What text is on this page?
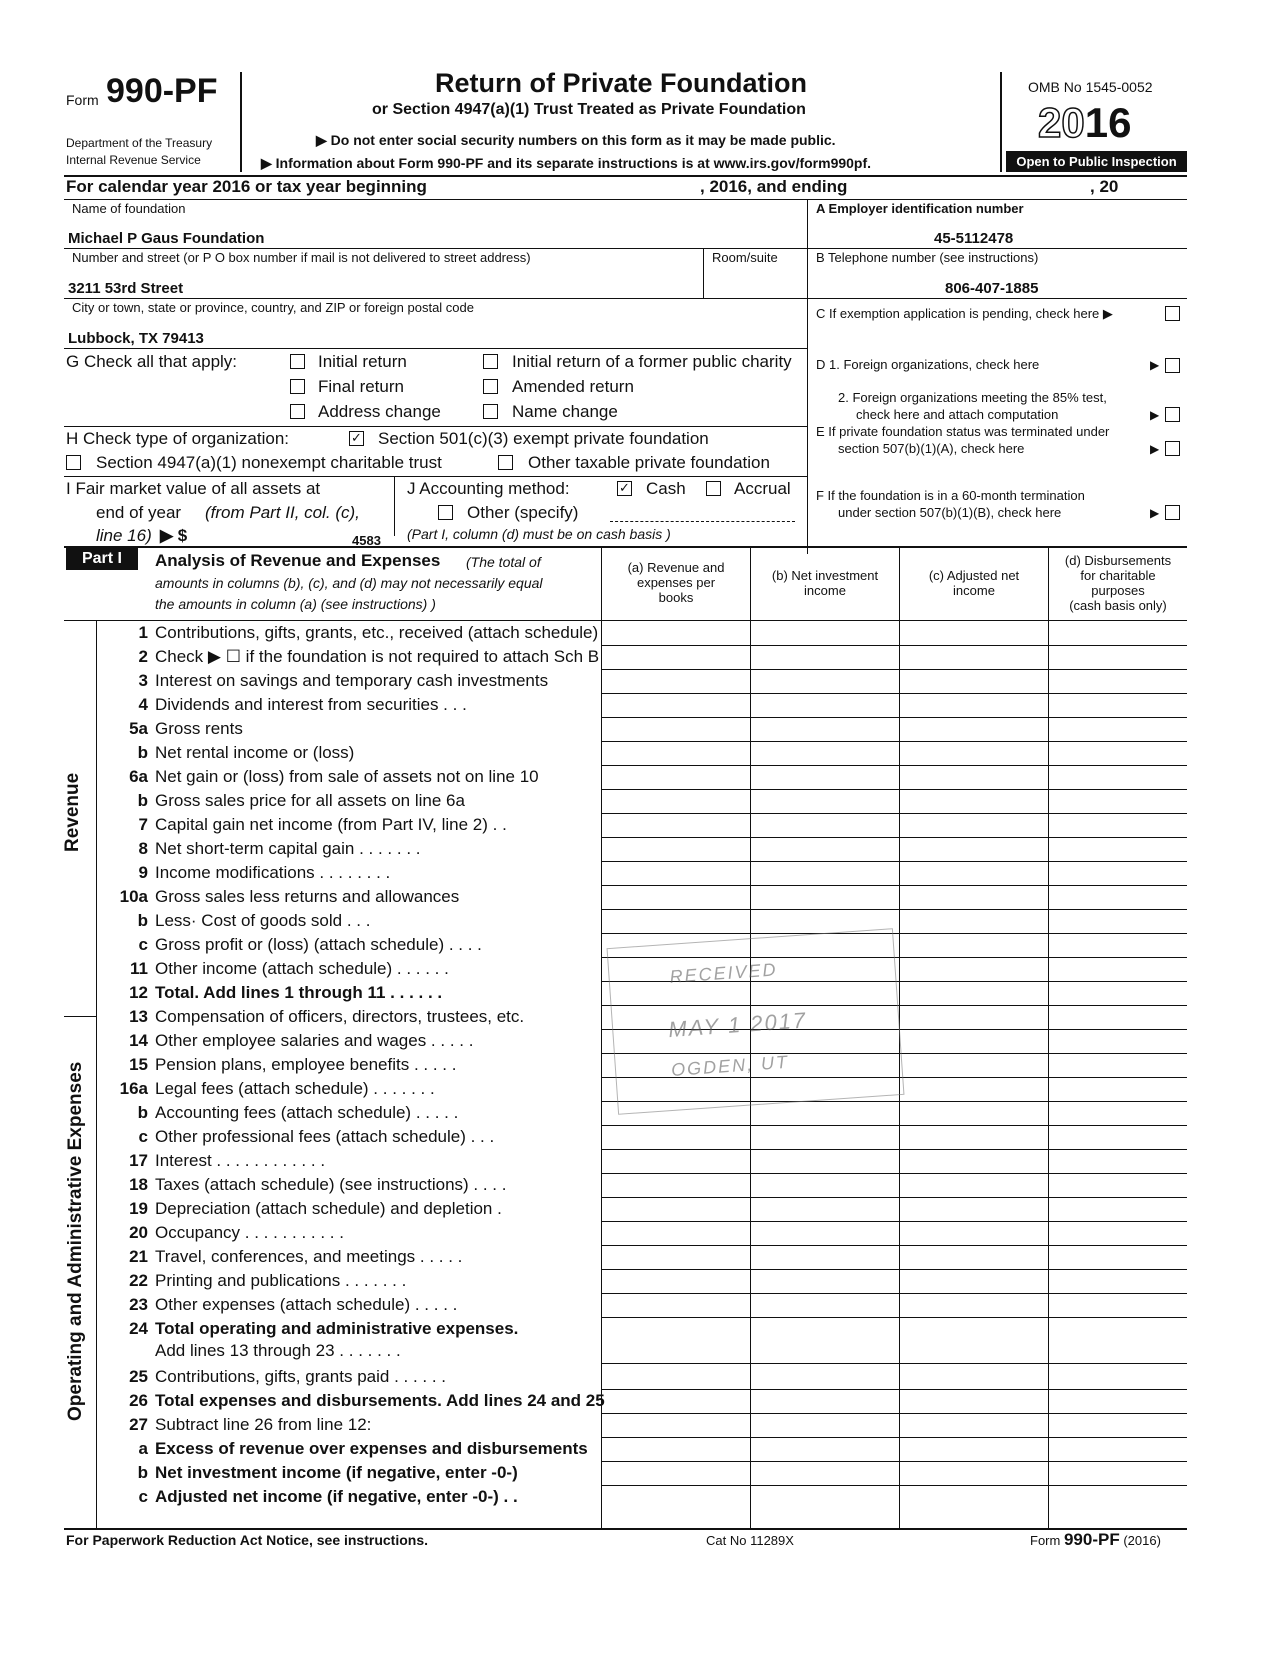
Form 990-PF
Department of the Treasury
Internal Revenue Service
Return of Private Foundation
or Section 4947(a)(1) Trust Treated as Private Foundation
▶ Do not enter social security numbers on this form as it may be made public.
▶ Information about Form 990-PF and its separate instructions is at www.irs.gov/form990pf.
OMB No 1545-0052
2016
Open to Public Inspection
For calendar year 2016 or tax year beginning	, 2016, and ending	, 20
Name of foundation
Michael P Gaus Foundation
A Employer identification number
45-5112478
Number and street (or P O box number if mail is not delivered to street address)	Room/suite	B Telephone number (see instructions)
3211 53rd Street	806-407-1885
City or town, state or province, country, and ZIP or foreign postal code	C If exemption application is pending, check here ▶
Lubbock, TX 79413
G Check all that apply:	Initial return	Initial return of a former public charity
Final return	Amended return
Address change	Name change
D 1. Foreign organizations, check here	▶
2. Foreign organizations meeting the 85% test,
check here and attach computation	▶
E If private foundation status was terminated under
section 507(b)(1)(A), check here	▶
F If the foundation is in a 60-month termination
under section 507(b)(1)(B), check here	▶
H Check type of organization:	✓ Section 501(c)(3) exempt private foundation
Section 4947(a)(1) nonexempt charitable trust	Other taxable private foundation
I Fair market value of all assets at
end of year (from Part II, col. (c),
line 16) ▶ $	4583
J Accounting method:	✓ Cash	Accrual
Other (specify)
(Part I, column (d) must be on cash basis )
Part I	Analysis of Revenue and Expenses (The total of
amounts in columns (b), (c), and (d) may not necessarily equal
the amounts in column (a) (see instructions) )
(a) Revenue and
expenses per
books
(b) Net investment
income
(c) Adjusted net
income
(d) Disbursements
for charitable
purposes
(cash basis only)
Revenue
Operating and Administrative Expenses
1 Contributions, gifts, grants, etc., received (attach schedule)
2 Check ▶ ☐ if the foundation is not required to attach Sch B
3 Interest on savings and temporary cash investments
4 Dividends and interest from securities . . .
5a Gross rents
b Net rental income or (loss)
6a Net gain or (loss) from sale of assets not on line 10
b Gross sales price for all assets on line 6a
7 Capital gain net income (from Part IV, line 2) . .
8 Net short-term capital gain . . . . . . .
9 Income modifications . . . . . . . .
10a Gross sales less returns and allowances
b Less· Cost of goods sold . . .
c Gross profit or (loss) (attach schedule) . . . .
11 Other income (attach schedule) . . . . . .
12 Total. Add lines 1 through 11 . . . . . .
13 Compensation of officers, directors, trustees, etc.
14 Other employee salaries and wages . . . . .
15 Pension plans, employee benefits . . . . .
16a Legal fees (attach schedule) . . . . . . .
b Accounting fees (attach schedule) . . . . .
c Other professional fees (attach schedule) . . .
17 Interest . . . . . . . . . . . .
18 Taxes (attach schedule) (see instructions) . . . .
19 Depreciation (attach schedule) and depletion .
20 Occupancy . . . . . . . . . . .
21 Travel, conferences, and meetings . . . . .
22 Printing and publications . . . . . . .
23 Other expenses (attach schedule) . . . . .
24 Total operating and administrative expenses.
Add lines 13 through 23 . . . . . . .
25 Contributions, gifts, grants paid . . . . . .
26 Total expenses and disbursements. Add lines 24 and 25
27 Subtract line 26 from line 12:
a Excess of revenue over expenses and disbursements
b Net investment income (if negative, enter -0-)
c Adjusted net income (if negative, enter -0-) . .
RECEIVED
MAY 1 2017
OGDEN, UT
For Paperwork Reduction Act Notice, see instructions.	Cat No 11289X	Form 990-PF (2016)
